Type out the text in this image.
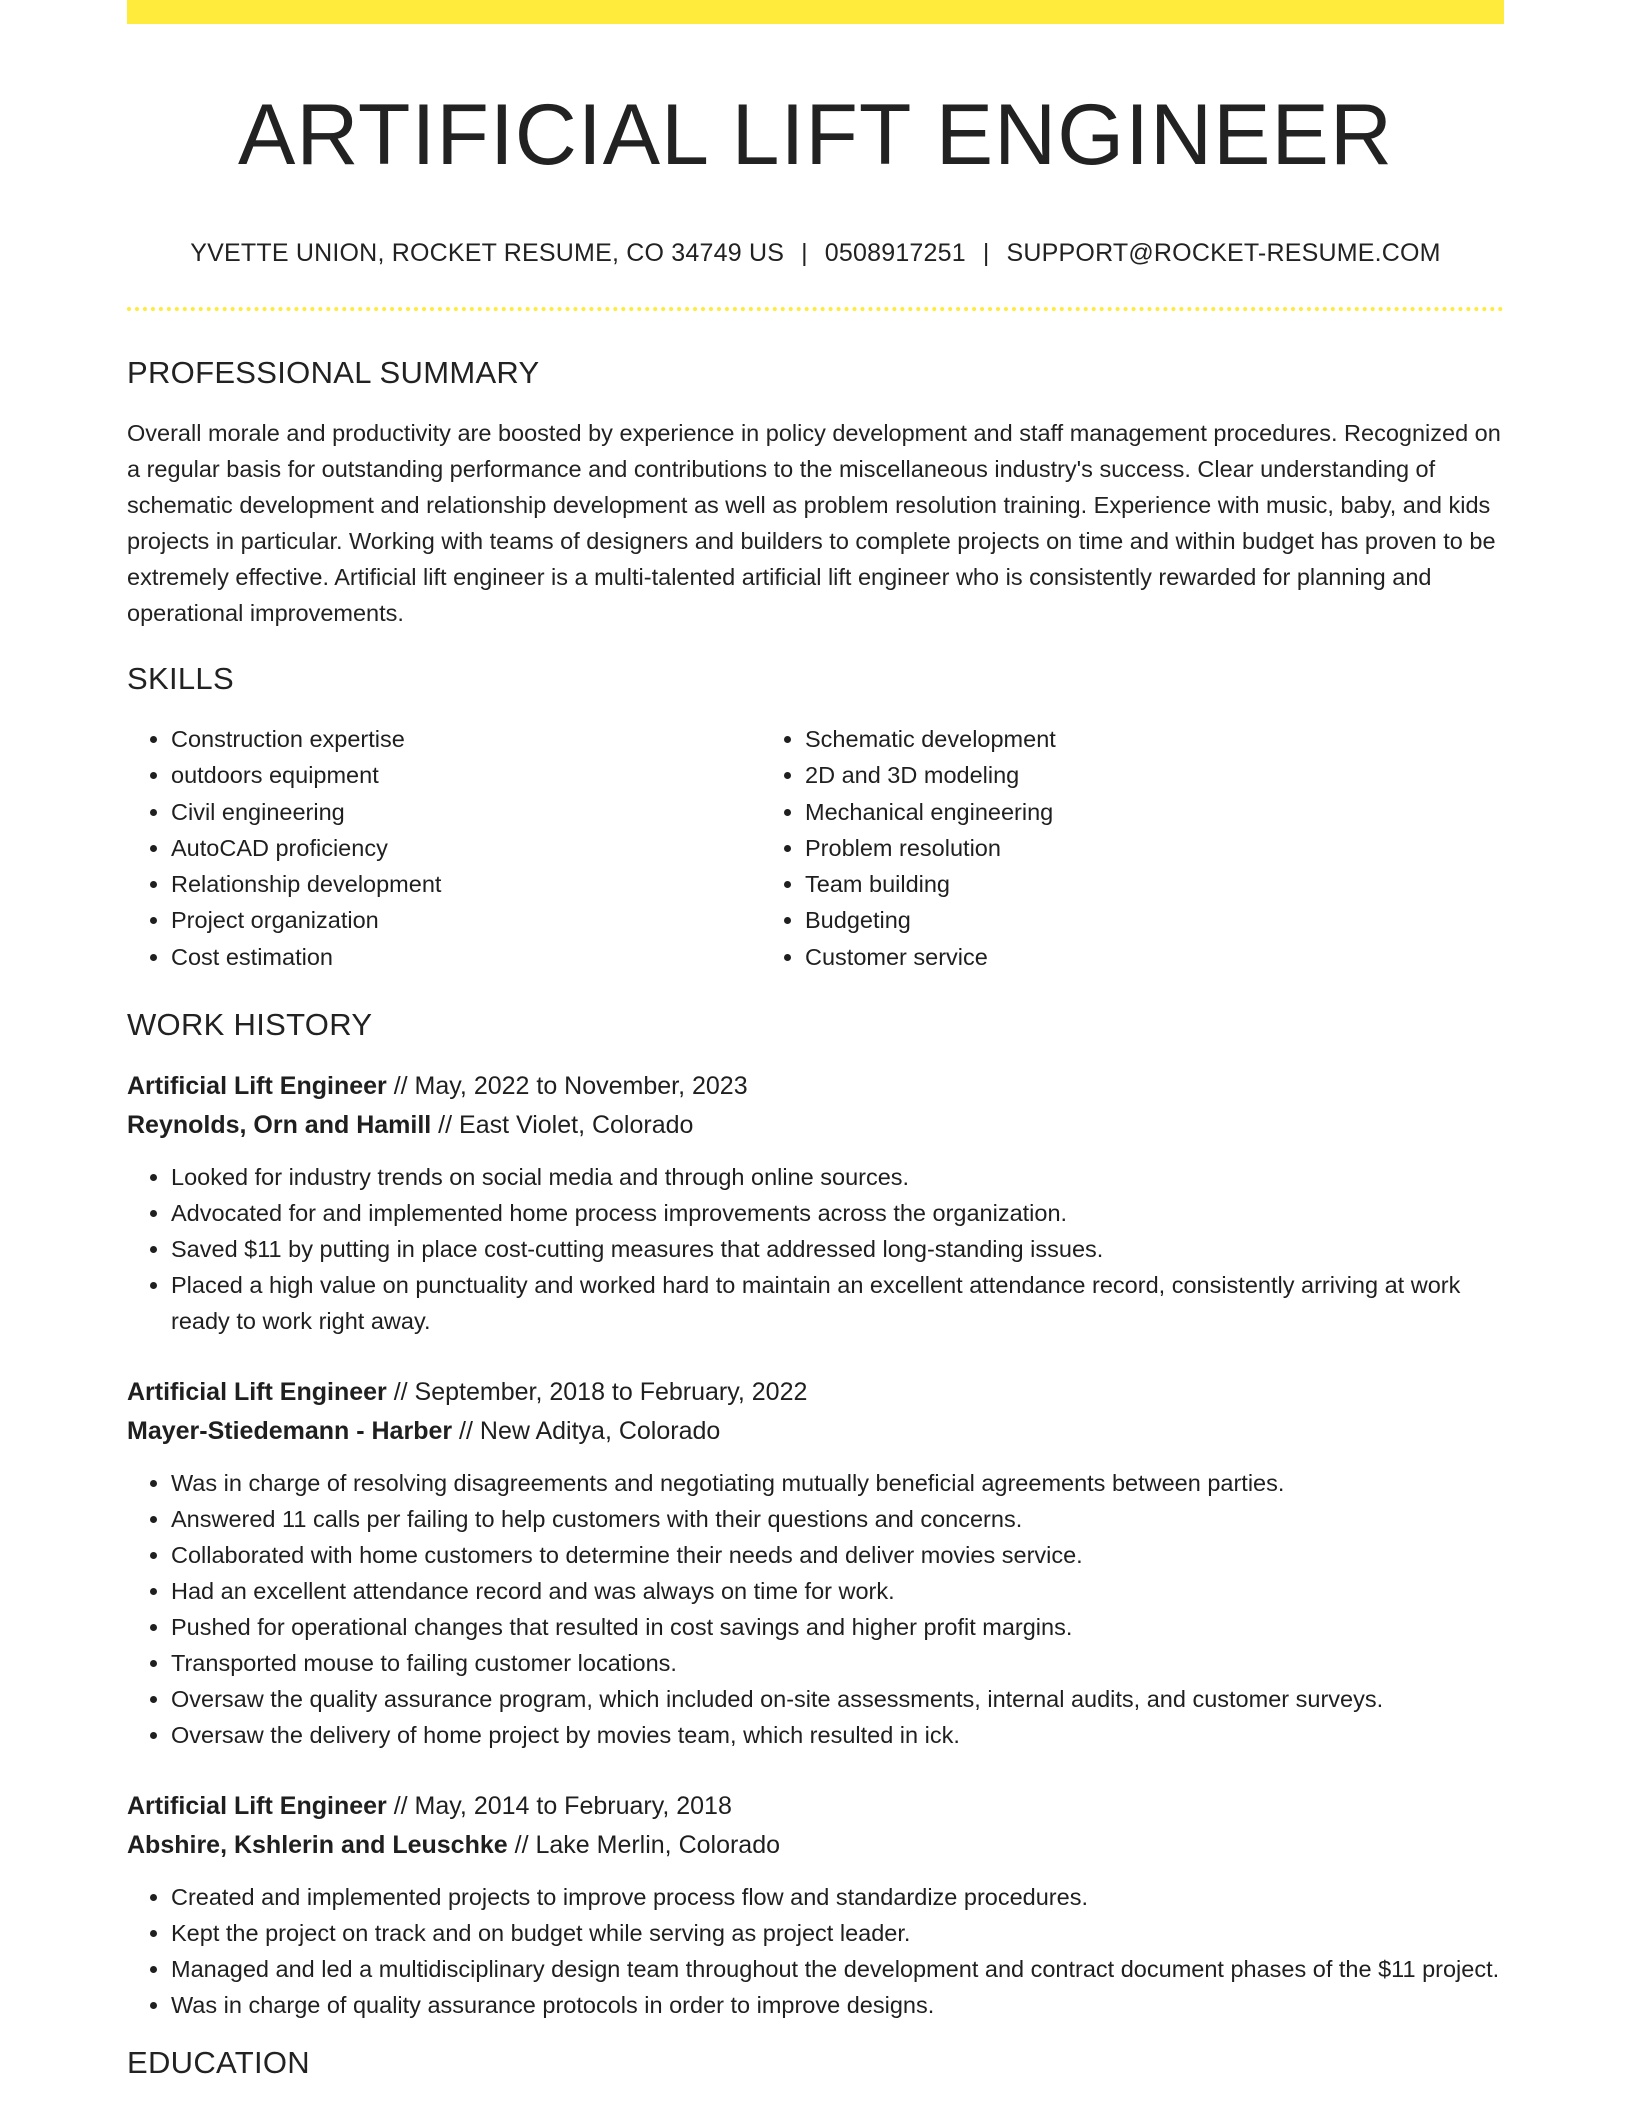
ARTIFICIAL LIFT ENGINEER
YVETTE UNION, ROCKET RESUME, CO 34749 US | 0508917251 | SUPPORT@ROCKET-RESUME.COM
PROFESSIONAL SUMMARY

Overall morale and productivity are boosted by experience in policy development and staff management procedures. Recognized on a regular basis for outstanding performance and contributions to the miscellaneous industry's success. Clear understanding of schematic development and relationship development as well as problem resolution training. Experience with music, baby, and kids projects in particular. Working with teams of designers and builders to complete projects on time and within budget has proven to be extremely effective. Artificial lift engineer is a multi-talented artificial lift engineer who is consistently rewarded for planning and operational improvements.

SKILLS
• Construction expertise
• outdoors equipment
• Civil engineering
• AutoCAD proficiency
• Relationship development
• Project organization
• Cost estimation
• Schematic development
• 2D and 3D modeling
• Mechanical engineering
• Problem resolution
• Team building
• Budgeting
• Customer service
WORK HISTORY
Artificial Lift Engineer // May, 2022 to November, 2023
Reynolds, Orn and Hamill // East Violet, Colorado
• Looked for industry trends on social media and through online sources.
• Advocated for and implemented home process improvements across the organization.
• Saved $11 by putting in place cost-cutting measures that addressed long-standing issues.
• Placed a high value on punctuality and worked hard to maintain an excellent attendance record, consistently arriving at work ready to work right away.
Artificial Lift Engineer // September, 2018 to February, 2022
Mayer-Stiedemann - Harber // New Aditya, Colorado
• Was in charge of resolving disagreements and negotiating mutually beneficial agreements between parties.
• Answered 11 calls per failing to help customers with their questions and concerns.
• Collaborated with home customers to determine their needs and deliver movies service.
• Had an excellent attendance record and was always on time for work.
• Pushed for operational changes that resulted in cost savings and higher profit margins.
• Transported mouse to failing customer locations.
• Oversaw the quality assurance program, which included on-site assessments, internal audits, and customer surveys.
• Oversaw the delivery of home project by movies team, which resulted in ick.
Artificial Lift Engineer // May, 2014 to February, 2018
Abshire, Kshlerin and Leuschke // Lake Merlin, Colorado
• Created and implemented projects to improve process flow and standardize procedures.
• Kept the project on track and on budget while serving as project leader.
• Managed and led a multidisciplinary design team throughout the development and contract document phases of the $11 project.
• Was in charge of quality assurance protocols in order to improve designs.
EDUCATION
